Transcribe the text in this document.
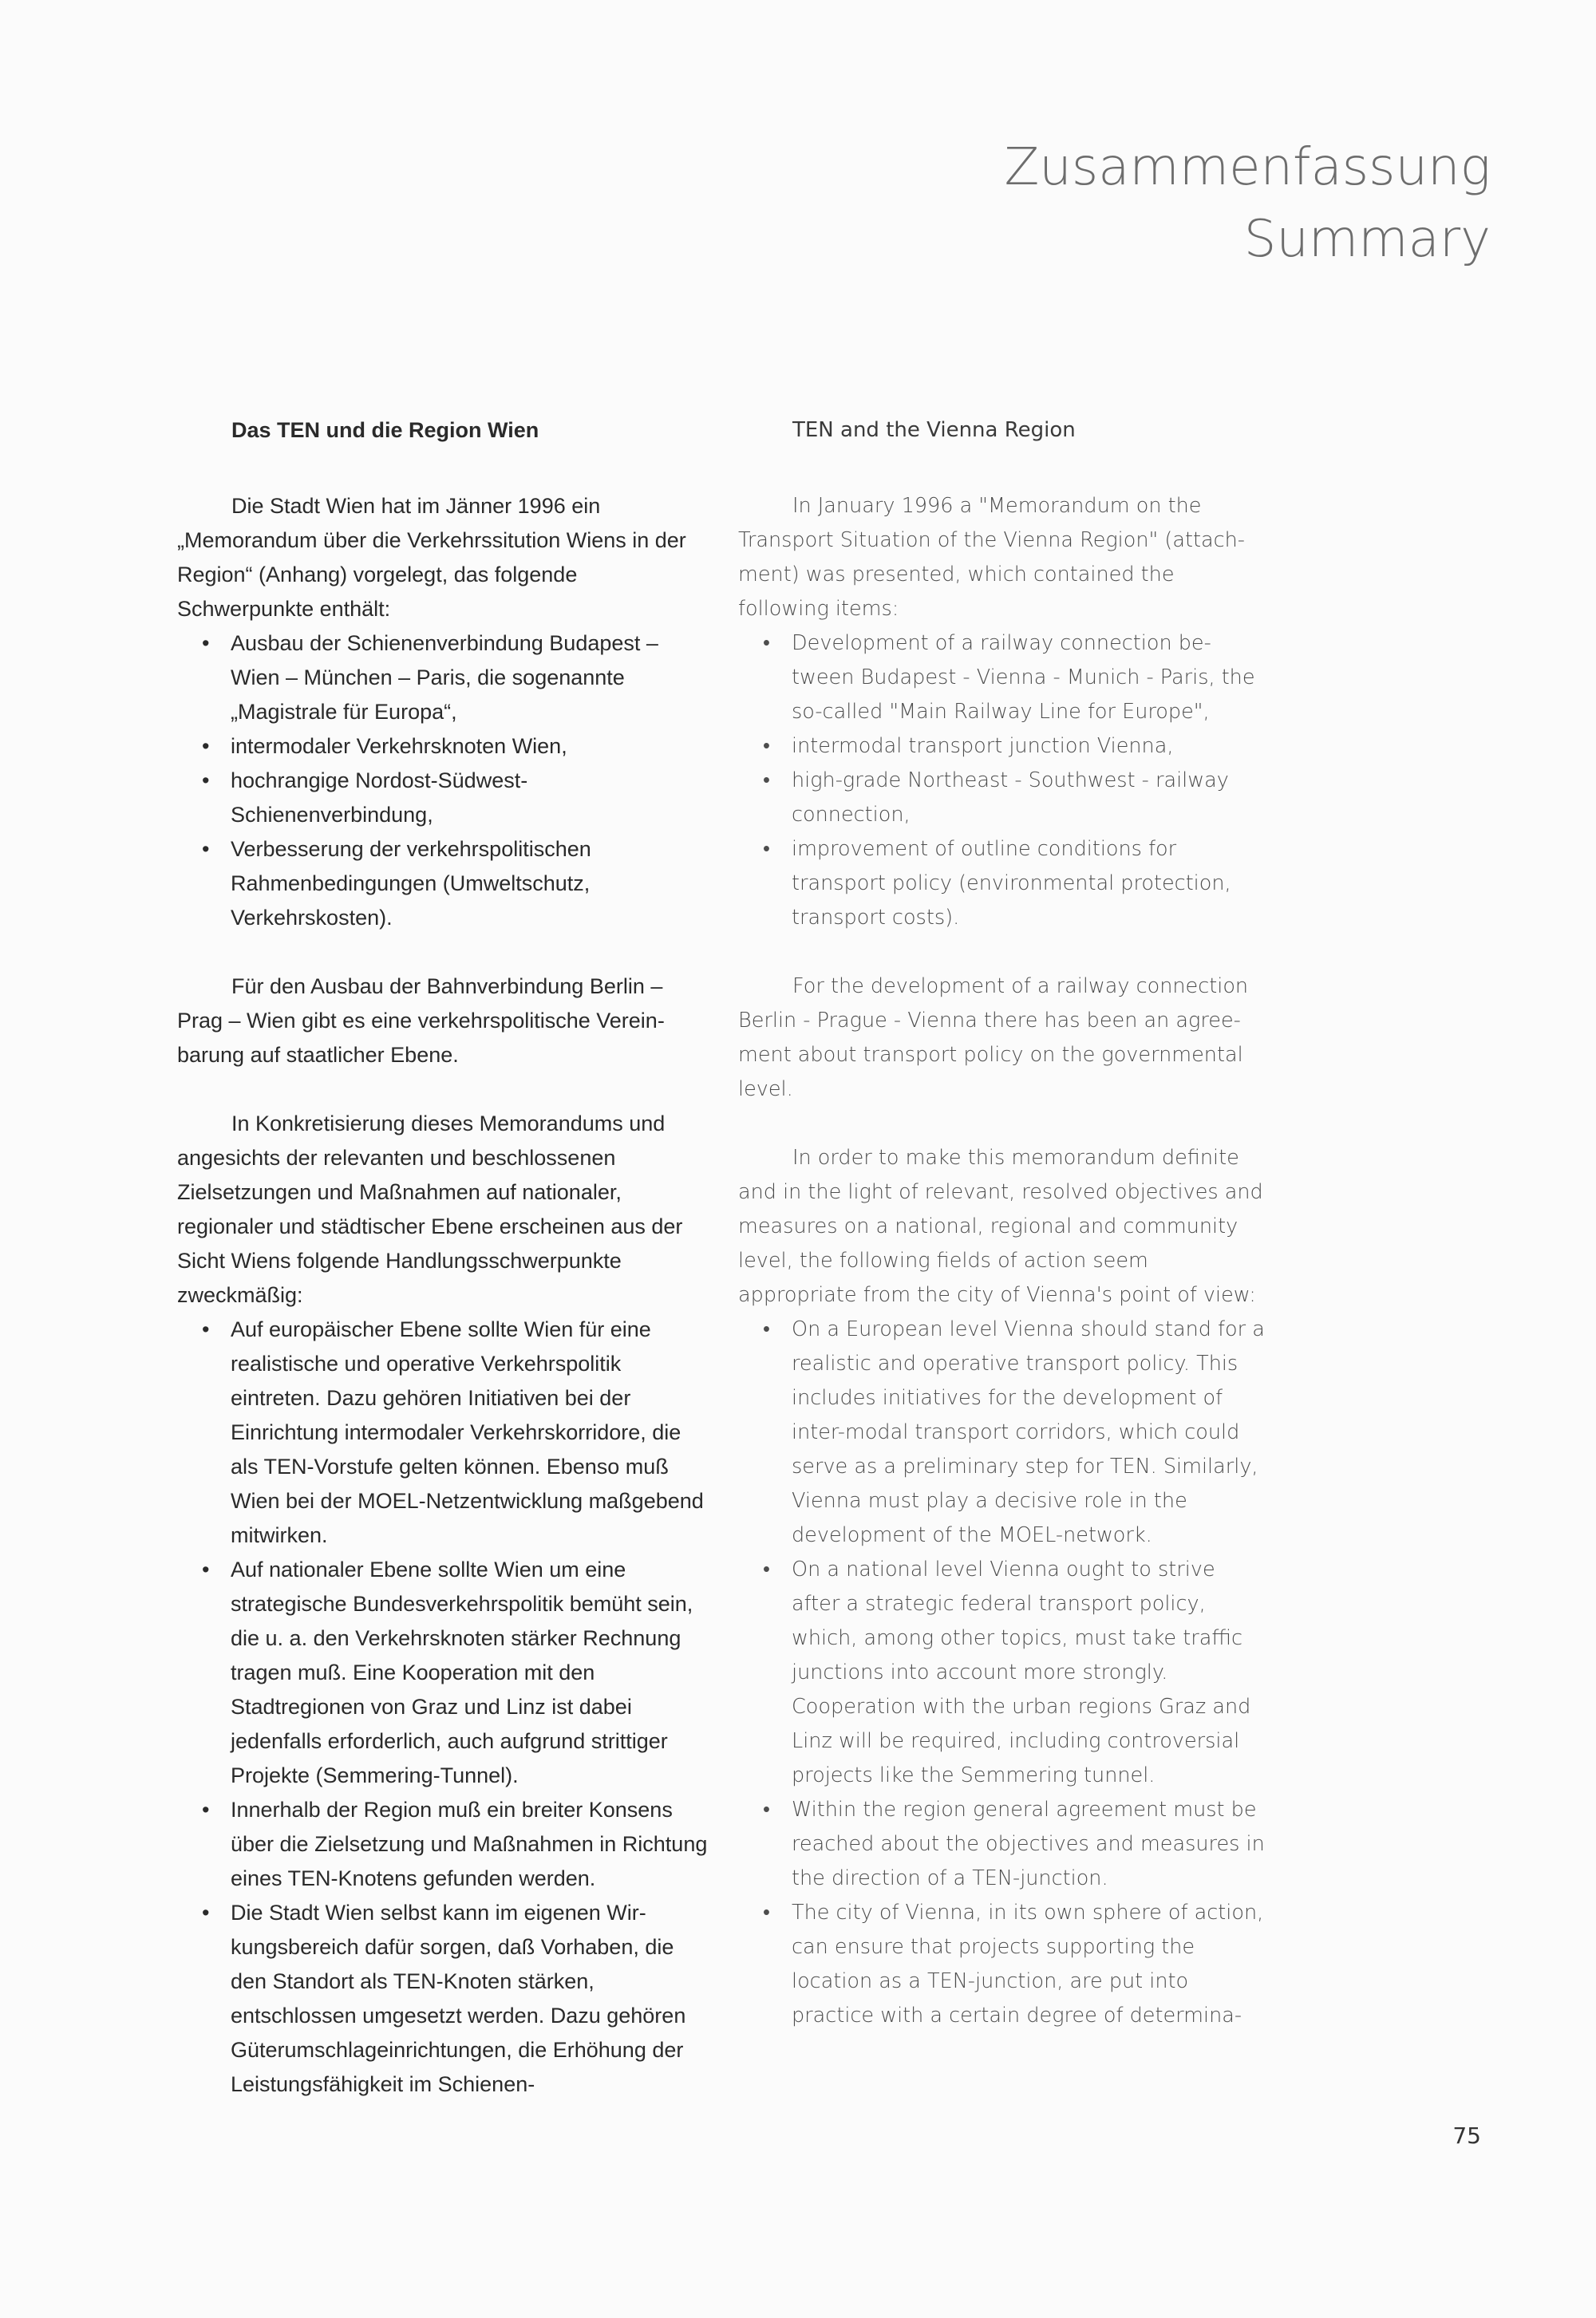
Zusammenfassung
Summary
Das TEN und die Region Wien

Die Stadt Wien hat im Jänner 1996 ein „Memorandum über die Verkehrssitution Wiens in der Region“ (Anhang) vorgelegt, das folgende Schwerpunkte enthält:

• Ausbau der Schienenverbindung Budapest – Wien – München – Paris, die sogenannte „Magistrale für Europa“,
• intermodaler Verkehrsknoten Wien,
• hochrangige Nordost-Südwest-Schienenverbindung,
• Verbesserung der verkehrspolitischen Rahmenbedingungen (Umweltschutz, Verkehrskosten).

Für den Ausbau der Bahnverbindung Berlin – Prag – Wien gibt es eine verkehrspolitische Vereinbarung auf staatlicher Ebene.

In Konkretisierung dieses Memorandums und angesichts der relevanten und beschlossenen Zielsetzungen und Maßnahmen auf nationaler, regionaler und städtischer Ebene erscheinen aus der Sicht Wiens folgende Handlungsschwerpunkte zweckmäßig:

• Auf europäischer Ebene sollte Wien für eine realistische und operative Verkehrspolitik eintreten. Dazu gehören Initiativen bei der Einrichtung intermodaler Verkehrskorridore, die als TEN-Vorstufe gelten können. Ebenso muß Wien bei der MOEL-Netzentwicklung maßgebend mitwirken.
• Auf nationaler Ebene sollte Wien um eine strategische Bundesverkehrspolitik bemüht sein, die u. a. den Verkehrsknoten stärker Rechnung tragen muß. Eine Kooperation mit den Stadtregionen von Graz und Linz ist dabei jedenfalls erforderlich, auch aufgrund strittiger Projekte (Semmering-Tunnel).
• Innerhalb der Region muß ein breiter Konsens über die Zielsetzung und Maßnahmen in Richtung eines TEN-Knotens gefunden werden.
• Die Stadt Wien selbst kann im eigenen Wirkungsbereich dafür sorgen, daß Vorhaben, die den Standort als TEN-Knoten stärken, entschlossen umgesetzt werden. Dazu gehören Güterumschlageinrichtungen, die Erhöhung der Leistungsfähigkeit im Schienen-
TEN and the Vienna Region

In January 1996 a "Memorandum on the Transport Situation of the Vienna Region" (attachment) was presented, which contained the following items:

• Development of a railway connection between Budapest - Vienna - Munich - Paris, the so-called "Main Railway Line for Europe",
• intermodal transport junction Vienna,
• high-grade Northeast - Southwest - railway connection,
• improvement of outline conditions for transport policy (environmental protection, transport costs).

For the development of a railway connection Berlin - Prague - Vienna there has been an agreement about transport policy on the governmental level.

In order to make this memorandum definite and in the light of relevant, resolved objectives and measures on a national, regional and community level, the following fields of action seem appropriate from the city of Vienna's point of view:

• On a European level Vienna should stand for a realistic and operative transport policy. This includes initiatives for the development of inter-modal transport corridors, which could serve as a preliminary step for TEN. Similarly, Vienna must play a decisive role in the development of the MOEL-network.
• On a national level Vienna ought to strive after a strategic federal transport policy, which, among other topics, must take traffic junctions into account more strongly. Cooperation with the urban regions Graz and Linz will be required, including controversial projects like the Semmering tunnel.
• Within the region general agreement must be reached about the objectives and measures in the direction of a TEN-junction.
• The city of Vienna, in its own sphere of action, can ensure that projects supporting the location as a TEN-junction, are put into practice with a certain degree of determina-
75
